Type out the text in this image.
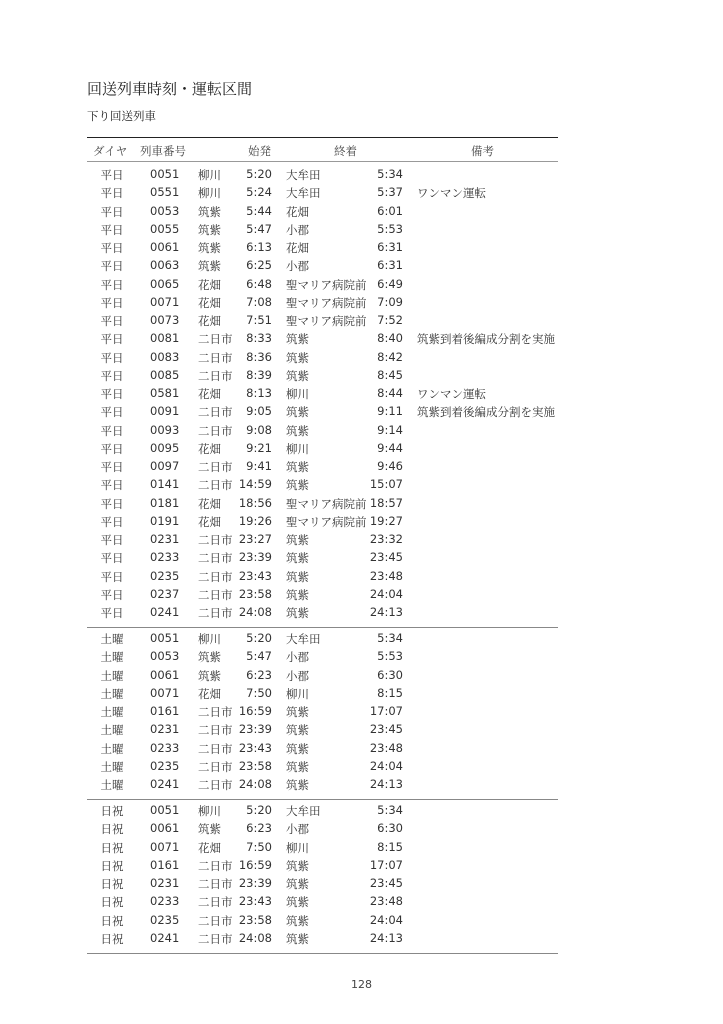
回送列車時刻・運転区間
下り回送列車
ダイヤ 列車番号	始発	終着	備考
平日	0051 柳川	5:20 大牟田	5:34
平日	0551 柳川	5:24 大牟田	5:37 ワンマン運転
平日	0053 筑紫	5:44 花畑	6:01
平日	0055 筑紫	5:47 小郡	5:53
平日	0061 筑紫	6:13 花畑	6:31
平日	0063 筑紫	6:25 小郡	6:31
平日	0065 花畑	6:48 聖マリア病院前 6:49
平日	0071 花畑	7:08 聖マリア病院前 7:09
平日	0073 花畑	7:51 聖マリア病院前 7:52
平日	0081 二日市	8:33 筑紫	8:40 筑紫到着後編成分割を実施
平日	0083 二日市	8:36 筑紫	8:42
平日	0085 二日市	8:39 筑紫	8:45
平日	0581 花畑	8:13 柳川	8:44 ワンマン運転
平日	0091 二日市	9:05 筑紫	9:11 筑紫到着後編成分割を実施
平日	0093 二日市	9:08 筑紫	9:14
平日	0095 花畑	9:21 柳川	9:44
平日	0097 二日市	9:41 筑紫	9:46
平日	0141 二日市 14:59 筑紫	15:07
平日	0181 花畑	18:56 聖マリア病院前 18:57
平日	0191 花畑	19:26 聖マリア病院前 19:27
平日	0231 二日市 23:27 筑紫	23:32
平日	0233 二日市 23:39 筑紫	23:45
平日	0235 二日市 23:43 筑紫	23:48
平日	0237 二日市 23:58 筑紫	24:04
平日	0241 二日市 24:08 筑紫	24:13
土曜	0051 柳川	5:20 大牟田	5:34
土曜	0053 筑紫	5:47 小郡	5:53
土曜	0061 筑紫	6:23 小郡	6:30
土曜	0071 花畑	7:50 柳川	8:15
土曜	0161 二日市 16:59 筑紫	17:07
土曜	0231 二日市 23:39 筑紫	23:45
土曜	0233 二日市 23:43 筑紫	23:48
土曜	0235 二日市 23:58 筑紫	24:04
土曜	0241 二日市 24:08 筑紫	24:13
日祝	0051 柳川	5:20 大牟田	5:34
日祝	0061 筑紫	6:23 小郡	6:30
日祝	0071 花畑	7:50 柳川	8:15
日祝	0161 二日市 16:59 筑紫	17:07
日祝	0231 二日市 23:39 筑紫	23:45
日祝	0233 二日市 23:43 筑紫	23:48
日祝	0235 二日市 23:58 筑紫	24:04
日祝	0241 二日市 24:08 筑紫	24:13
128
